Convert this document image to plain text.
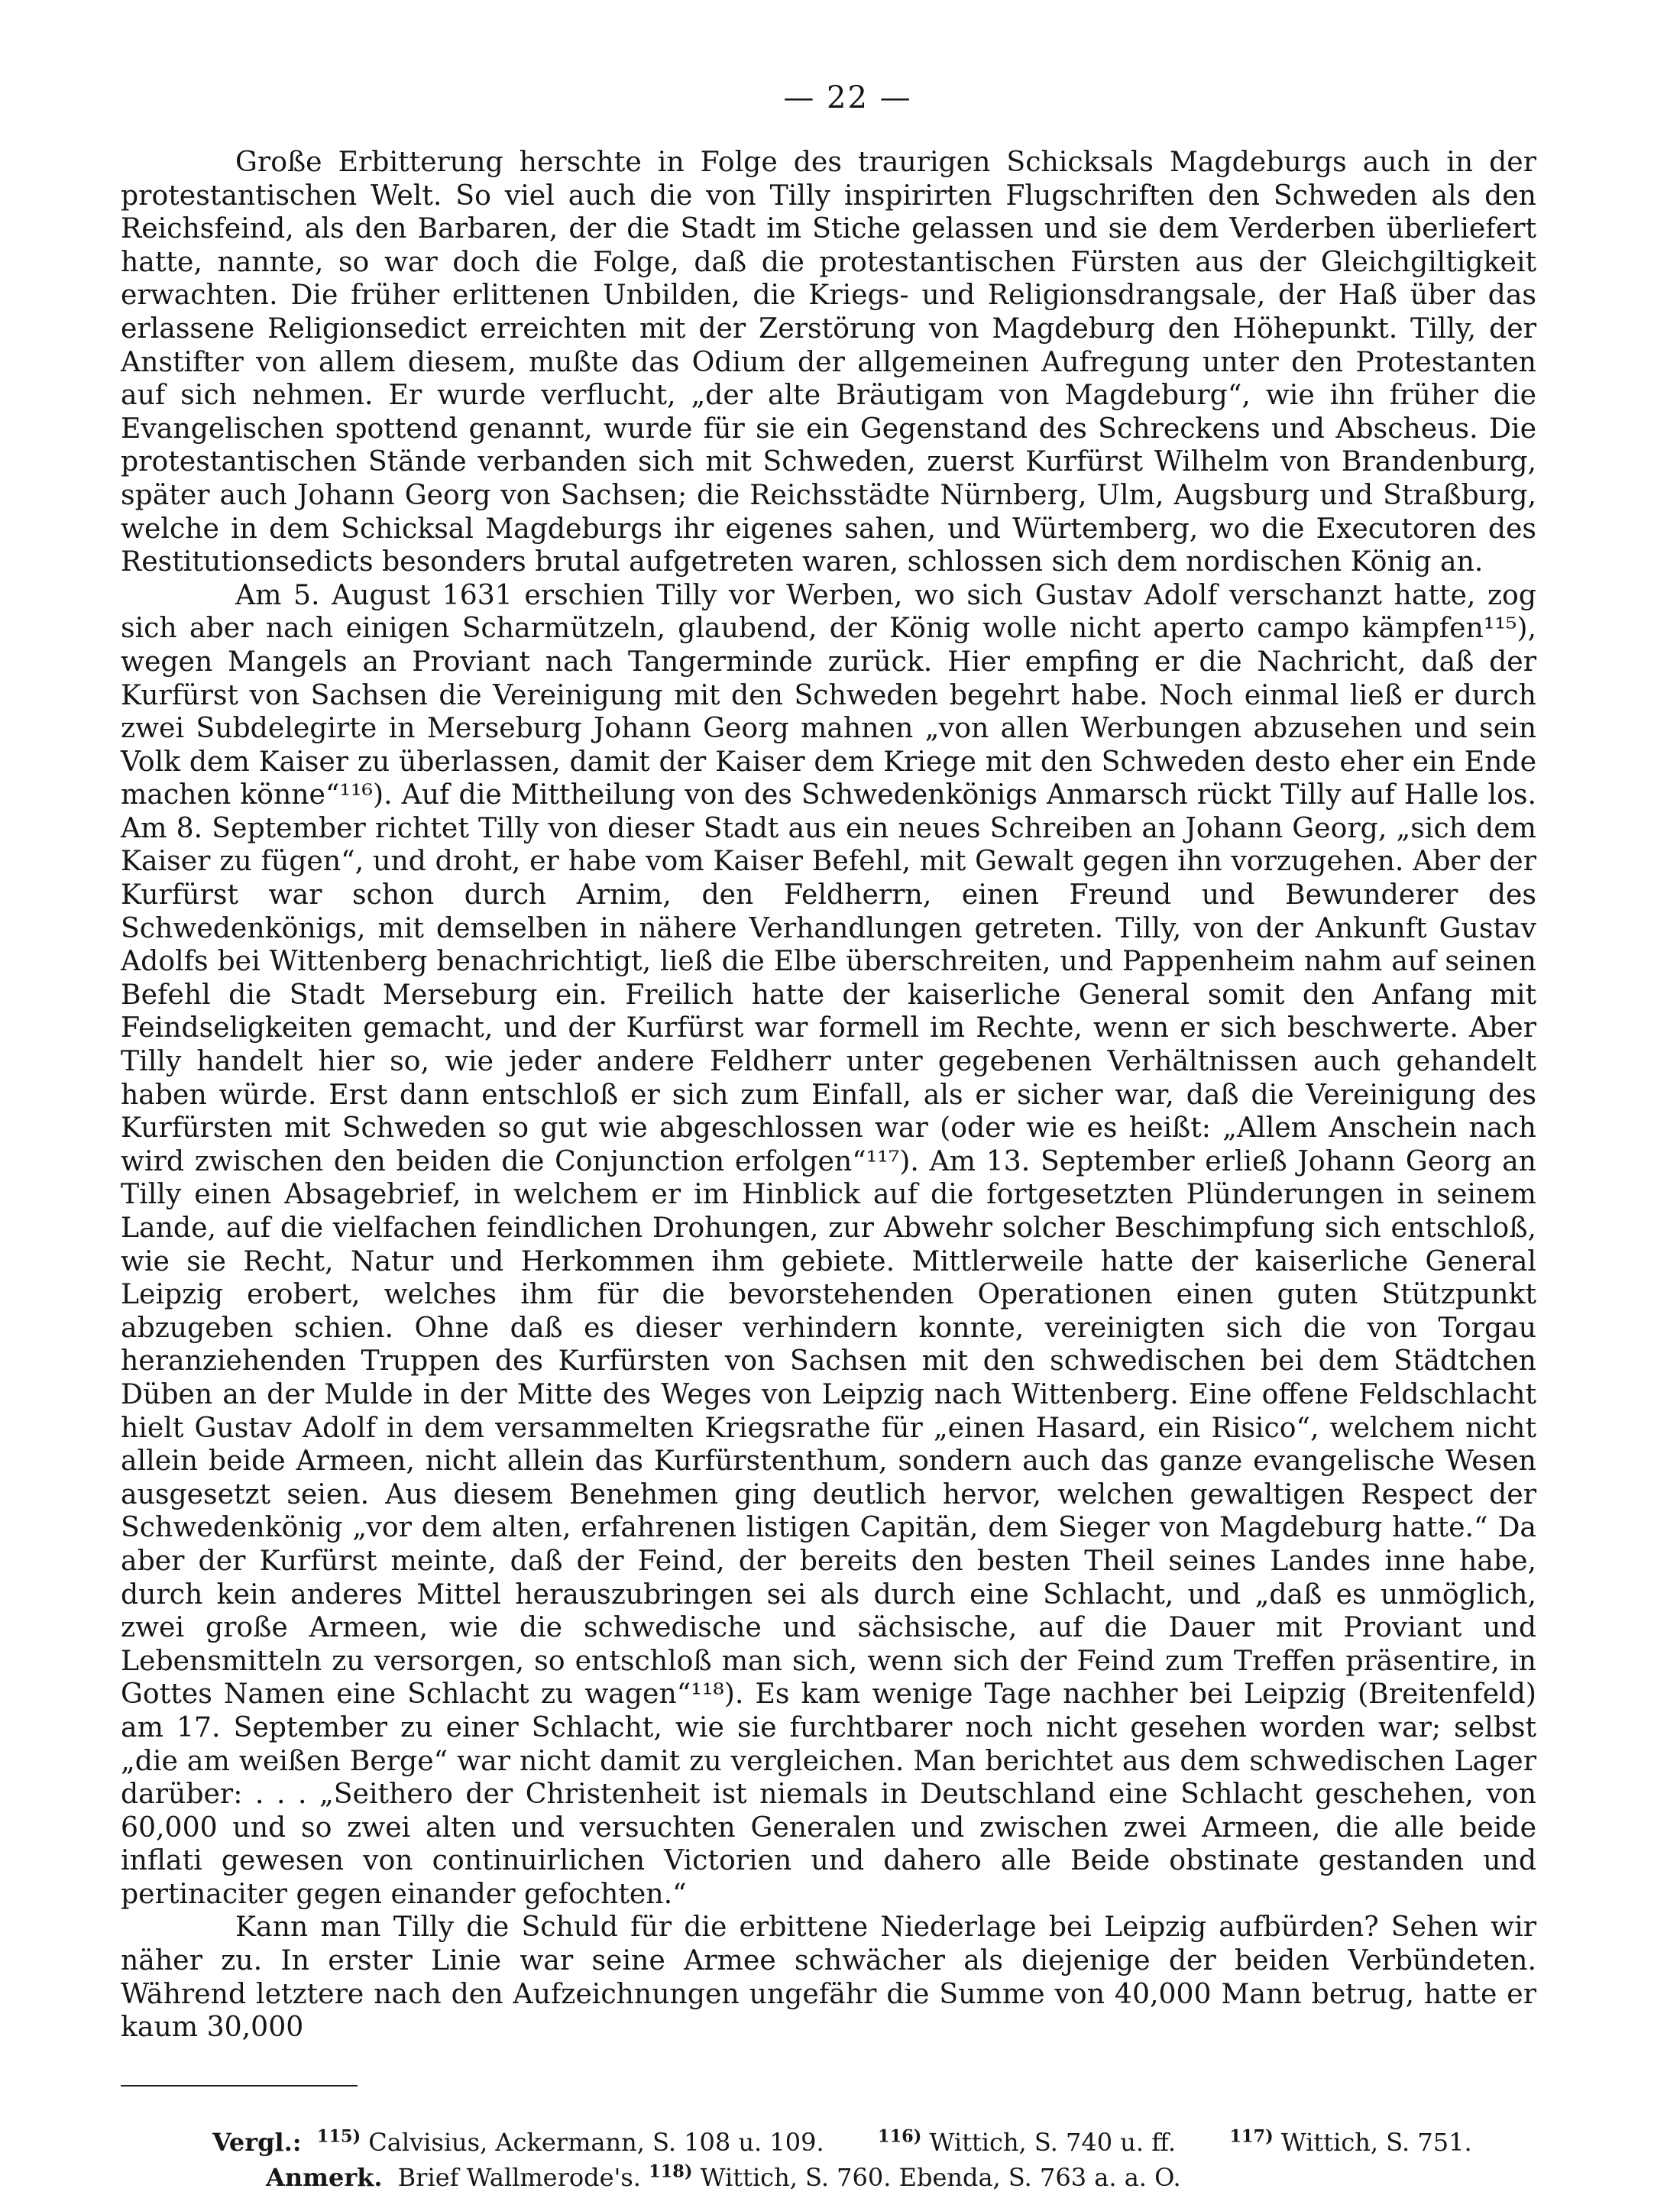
— 22 —

Große Erbitterung herschte in Folge des traurigen Schicksals Magdeburgs auch in der protestantischen Welt. So viel auch die von Tilly inspirirten Flugschriften den Schweden als den Reichsfeind, als den Barbaren, der die Stadt im Stiche gelassen und sie dem Verderben überliefert hatte, nannte, so war doch die Folge, daß die protestantischen Fürsten aus der Gleichgiltigkeit erwachten. Die früher erlittenen Unbilden, die Kriegs- und Religionsdrangsale, der Haß über das erlassene Religionsedict erreichten mit der Zerstörung von Magdeburg den Höhepunkt. Tilly, der Anstifter von allem diesem, mußte das Odium der allgemeinen Aufregung unter den Protestanten auf sich nehmen. Er wurde verflucht, „der alte Bräutigam von Magdeburg“, wie ihn früher die Evangelischen spottend genannt, wurde für sie ein Gegenstand des Schreckens und Abscheus. Die protestantischen Stände verbanden sich mit Schweden, zuerst Kurfürst Wilhelm von Brandenburg, später auch Johann Georg von Sachsen; die Reichsstädte Nürnberg, Ulm, Augsburg und Straßburg, welche in dem Schicksal Magdeburgs ihr eigenes sahen, und Würtemberg, wo die Executoren des Restitutionsedicts besonders brutal aufgetreten waren, schlossen sich dem nordischen König an.

Am 5. August 1631 erschien Tilly vor Werben, wo sich Gustav Adolf verschanzt hatte, zog sich aber nach einigen Scharmützeln, glaubend, der König wolle nicht aperto campo kämpfen¹¹⁵), wegen Mangels an Proviant nach Tangerminde zurück. Hier empfing er die Nachricht, daß der Kurfürst von Sachsen die Vereinigung mit den Schweden begehrt habe. Noch einmal ließ er durch zwei Subdelegirte in Merseburg Johann Georg mahnen „von allen Werbungen abzusehen und sein Volk dem Kaiser zu überlassen, damit der Kaiser dem Kriege mit den Schweden desto eher ein Ende machen könne“¹¹⁶). Auf die Mittheilung von des Schwedenkönigs Anmarsch rückt Tilly auf Halle los. Am 8. September richtet Tilly von dieser Stadt aus ein neues Schreiben an Johann Georg, „sich dem Kaiser zu fügen“, und droht, er habe vom Kaiser Befehl, mit Gewalt gegen ihn vorzugehen. Aber der Kurfürst war schon durch Arnim, den Feldherrn, einen Freund und Bewunderer des Schwedenkönigs, mit demselben in nähere Verhandlungen getreten. Tilly, von der Ankunft Gustav Adolfs bei Wittenberg benachrichtigt, ließ die Elbe überschreiten, und Pappenheim nahm auf seinen Befehl die Stadt Merseburg ein. Freilich hatte der kaiserliche General somit den Anfang mit Feindseligkeiten gemacht, und der Kurfürst war formell im Rechte, wenn er sich beschwerte. Aber Tilly handelt hier so, wie jeder andere Feldherr unter gegebenen Verhältnissen auch gehandelt haben würde. Erst dann entschloß er sich zum Einfall, als er sicher war, daß die Vereinigung des Kurfürsten mit Schweden so gut wie abgeschlossen war (oder wie es heißt: „Allem Anschein nach wird zwischen den beiden die Conjunction erfolgen“¹¹⁷). Am 13. September erließ Johann Georg an Tilly einen Absagebrief, in welchem er im Hinblick auf die fortgesetzten Plünderungen in seinem Lande, auf die vielfachen feindlichen Drohungen, zur Abwehr solcher Beschimpfung sich entschloß, wie sie Recht, Natur und Herkommen ihm gebiete. Mittlerweile hatte der kaiserliche General Leipzig erobert, welches ihm für die bevorstehenden Operationen einen guten Stützpunkt abzugeben schien. Ohne daß es dieser verhindern konnte, vereinigten sich die von Torgau heranziehenden Truppen des Kurfürsten von Sachsen mit den schwedischen bei dem Städtchen Düben an der Mulde in der Mitte des Weges von Leipzig nach Wittenberg. Eine offene Feldschlacht hielt Gustav Adolf in dem versammelten Kriegsrathe für „einen Hasard, ein Risico“, welchem nicht allein beide Armeen, nicht allein das Kurfürstenthum, sondern auch das ganze evangelische Wesen ausgesetzt seien. Aus diesem Benehmen ging deutlich hervor, welchen gewaltigen Respect der Schwedenkönig „vor dem alten, erfahrenen listigen Capitän, dem Sieger von Magdeburg hatte.“ Da aber der Kurfürst meinte, daß der Feind, der bereits den besten Theil seines Landes inne habe, durch kein anderes Mittel herauszubringen sei als durch eine Schlacht, und „daß es unmöglich, zwei große Armeen, wie die schwedische und sächsische, auf die Dauer mit Proviant und Lebensmitteln zu versorgen, so entschloß man sich, wenn sich der Feind zum Treffen präsentire, in Gottes Namen eine Schlacht zu wagen“¹¹⁸). Es kam wenige Tage nachher bei Leipzig (Breitenfeld) am 17. September zu einer Schlacht, wie sie furchtbarer noch nicht gesehen worden war; selbst „die am weißen Berge“ war nicht damit zu vergleichen. Man berichtet aus dem schwedischen Lager darüber: . . . „Seithero der Christenheit ist niemals in Deutschland eine Schlacht geschehen, von 60,000 und so zwei alten und versuchten Generalen und zwischen zwei Armeen, die alle beide inflati gewesen von continuirlichen Victorien und dahero alle Beide obstinate gestanden und pertinaciter gegen einander gefochten.“

Kann man Tilly die Schuld für die erbittene Niederlage bei Leipzig aufbürden? Sehen wir näher zu. In erster Linie war seine Armee schwächer als diejenige der beiden Verbündeten. Während letztere nach den Aufzeichnungen ungefähr die Summe von 40,000 Mann betrug, hatte er kaum 30,000

Vergl.: $^{115)}$ Calvisius, Ackermann, S. 108 u. 109.	$^{116)}$ Wittich, S. 740 u. ff.	$^{117)}$ Wittich, S. 751.
Anmerk. Brief Wallmerode's. $^{118)}$ Wittich, S. 760. Ebenda, S. 763 a. a. O.
